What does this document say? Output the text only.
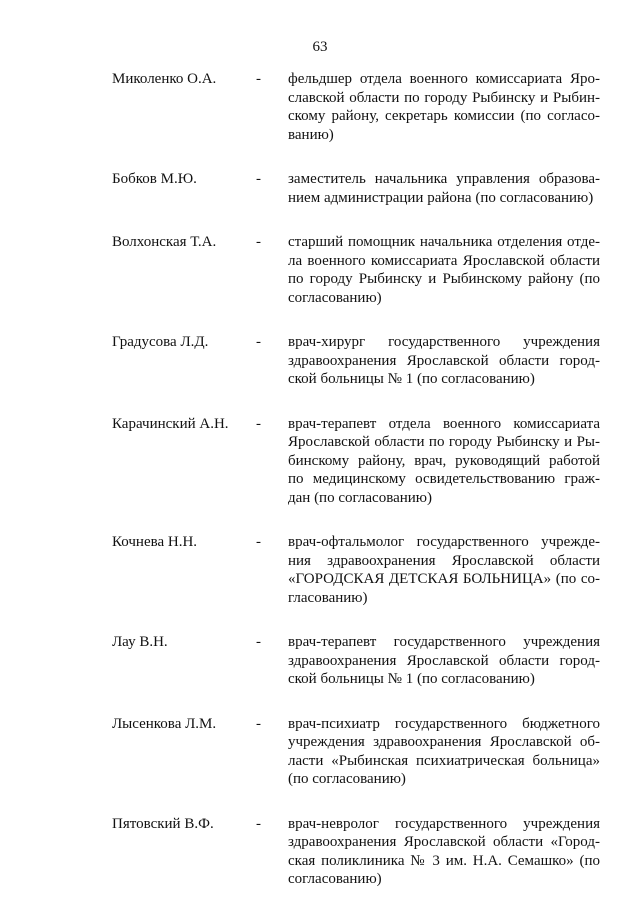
63
Миколенко О.А.	- фельдшер отдела военного комиссариата Яро-
славской области по городу Рыбинску и Рыбин-
скому району, секретарь комиссии (по согласо-
ванию)
Бобков М.Ю.	- заместитель начальника управления образова-
нием администрации района (по согласованию)
Волхонская Т.А.	- старший помощник начальника отделения отде-
ла военного комиссариата Ярославской области
по городу Рыбинску и Рыбинскому району (по
согласованию)
Градусова Л.Д.	- врач-хирург государственного учреждения
здравоохранения Ярославской области город-
ской больницы № 1 (по согласованию)
Карачинский А.Н. - врач-терапевт отдела военного комиссариата
Ярославской области по городу Рыбинску и Ры-
бинскому району, врач, руководящий работой
по медицинскому освидетельствованию граж-
дан (по согласованию)
Кочнева Н.Н.	- врач-офтальмолог государственного учрежде-
ния здравоохранения Ярославской области
«ГОРОДСКАЯ ДЕТСКАЯ БОЛЬНИЦА» (по со-
гласованию)
Лау В.Н.	- врач-терапевт государственного учреждения
здравоохранения Ярославской области город-
ской больницы № 1 (по согласованию)
Лысенкова Л.М.	- врач-психиатр государственного бюджетного
учреждения здравоохранения Ярославской об-
ласти «Рыбинская психиатрическая больница»
(по согласованию)
Пятовский В.Ф.	- врач-невролог государственного учреждения
здравоохранения Ярославской области «Город-
ская поликлиника № 3 им. Н.А. Семашко» (по
согласованию)
